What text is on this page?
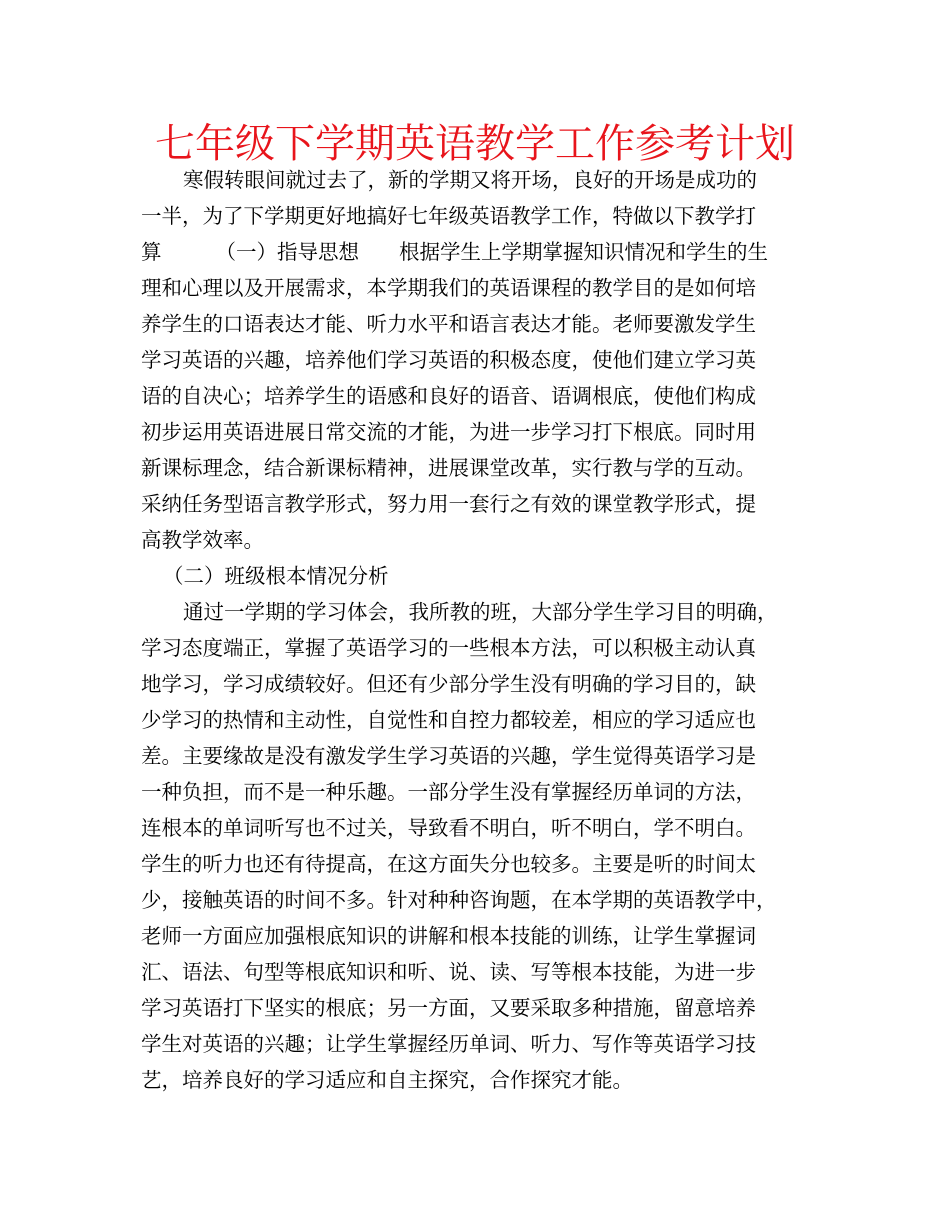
七年级下学期英语教学工作参考计划
寒假转眼间就过去了，新的学期又将开场，良好的开场是成功的
一半，为了下学期更好地搞好七年级英语教学工作，特做以下教学打
算	（一）指导思想 根据学生上学期掌握知识情况和学生的生
理和心理以及开展需求，本学期我们的英语课程的教学目的是如何培
养学生的口语表达才能、听力水平和语言表达才能。老师要激发学生
学习英语的兴趣，培养他们学习英语的积极态度，使他们建立学习英
语的自决心；培养学生的语感和良好的语音、语调根底，使他们构成
初步运用英语进展日常交流的才能，为进一步学习打下根底。同时用
新课标理念，结合新课标精神，进展课堂改革，实行教与学的互动。
采纳任务型语言教学形式，努力用一套行之有效的课堂教学形式，提
高教学效率。
（二）班级根本情况分析
通过一学期的学习体会，我所教的班，大部分学生学习目的明确，
学习态度端正，掌握了英语学习的一些根本方法，可以积极主动认真
地学习，学习成绩较好。但还有少部分学生没有明确的学习目的，缺
少学习的热情和主动性，自觉性和自控力都较差，相应的学习适应也
差。主要缘故是没有激发学生学习英语的兴趣，学生觉得英语学习是
一种负担，而不是一种乐趣。一部分学生没有掌握经历单词的方法，
连根本的单词听写也不过关，导致看不明白，听不明白，学不明白。
学生的听力也还有待提高，在这方面失分也较多。主要是听的时间太
少，接触英语的时间不多。针对种种咨询题，在本学期的英语教学中，
老师一方面应加强根底知识的讲解和根本技能的训练，让学生掌握词
汇、语法、句型等根底知识和听、说、读、写等根本技能，为进一步
学习英语打下坚实的根底；另一方面，又要采取多种措施，留意培养
学生对英语的兴趣；让学生掌握经历单词、听力、写作等英语学习技
艺，培养良好的学习适应和自主探究，合作探究才能。
